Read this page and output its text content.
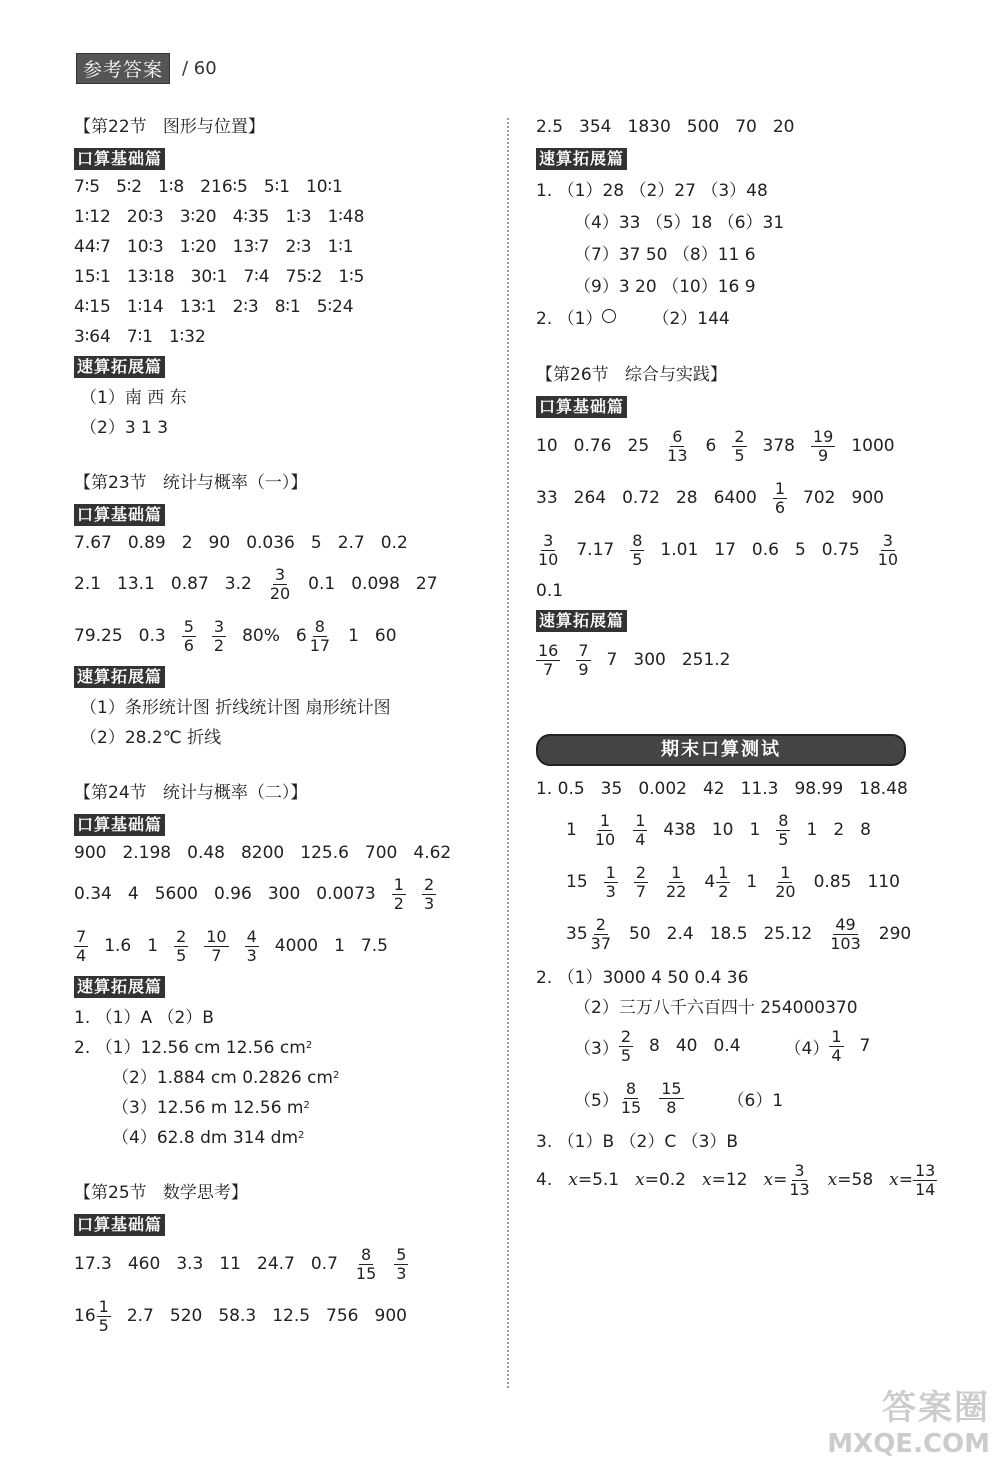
参考答案	/ 60
【第22节   图形与位置】
口算基础篇
7∶5 5∶2 1∶8 216∶5 5∶1 10∶1
1∶12 20∶3 3∶20 4∶35 1∶3 1∶48
44∶7 10∶3 1∶20 13∶7 2∶3 1∶1
15∶1 13∶18 30∶1 7∶4 75∶2 1∶5
4∶15 1∶14 13∶1 2∶3 8∶1 5∶24
3∶64 7∶1 1∶32
速算拓展篇
（1）南 西 东
（2）3 1 3
【第23节   统计与概率（一）】
口算基础篇
7.67 0.89 2 90 0.036 5 2.7 0.2
2.1 13.1 0.87 $3.2 \frac{3}{20} 0.1$ 0.098 27
79.25 $0.3 \frac{5}{6} \frac{3}{2} 80\%$ $6 \frac{8}{17} 1$ 60
速算拓展篇
（1）条形统计图 折线统计图 扇形统计图
（2）28.2℃ 折线
【第24节   统计与概率（二）】
口算基础篇
900 2.198 0.48 8200 125.6 700 4.62
0.34 4 5600 0.96 300 $0.0073 \frac{1}{2} \frac{2}{3}$
$\frac{7}{4} 1.6$ $1 \frac{2}{5} \frac{10}{7} \frac{4}{3} 4000$ 1 7.5
速算拓展篇
1. （1）A （2）B
2. （1）12.56 cm 12.56 cm 2
（2）1.884 cm 0.2826 cm 2
（3）12.56 m 12.56 m 2
（4）62.8 dm 314 dm 2
【第25节   数学思考】
口算基础篇
17.3 460 3.3 11 24.7 $0.7 \frac{8}{15} \frac{5}{3}$
$16 \frac{1}{5} 2.7$ 520 58.3 12.5 756 900
2.5 354 1830 500 70 20
速算拓展篇
1. （1）28 （2）27 （3）48
（4）33 （5）18 （6）31
（7）37 50 （8）11 6
（9）3 20 （10）16 9
2. （1）	（2）144
【第26节   综合与实践】
口算基础篇
10 0.76 $25 \frac{6}{13} 6 \frac{2}{5} 378 \frac{19}{9} 1000$
33 264 0.72 28 $6400 \frac{1}{6} 702$ 900
$\frac{3}{10} 7.17 \frac{8}{5} 1.01$ 17 0.6 5 $0.75 \frac{3}{10}$
0.1
速算拓展篇
$\frac{16}{7} \frac{7}{9} 7$ 300 251.2
期末口算测试
1. 0.5 35 0.002 42 11.3 98.99 18.48
$1 \frac{1}{10} \frac{1}{4} 438$ 10 $1 \frac{8}{5} 1$ 2 8
$15 \frac{1}{3} \frac{2}{7} \frac{1}{22} 4 \frac{1}{2} 1 \frac{1}{20} 0.85$ 110
$35 \frac{2}{37} 50$ 2.4 18.5 $25.12 \frac{49}{103} 290$
2. （1）3000 4 50 0.4 36
（2）三万八千六百四十 254000370
$(3) \frac{2}{5} 8$ 40 0.4	$(4) \frac{1}{4} 7$
$(5) \frac{8}{15} \frac{15}{8}$	（6）1
3. （1）B （2）C （3）B
4. x =5.1 x =0.2 x =12 $x = \frac{3}{13}$ x =58 $x = \frac{13}{14}$
答案圈
MXQE.COM
